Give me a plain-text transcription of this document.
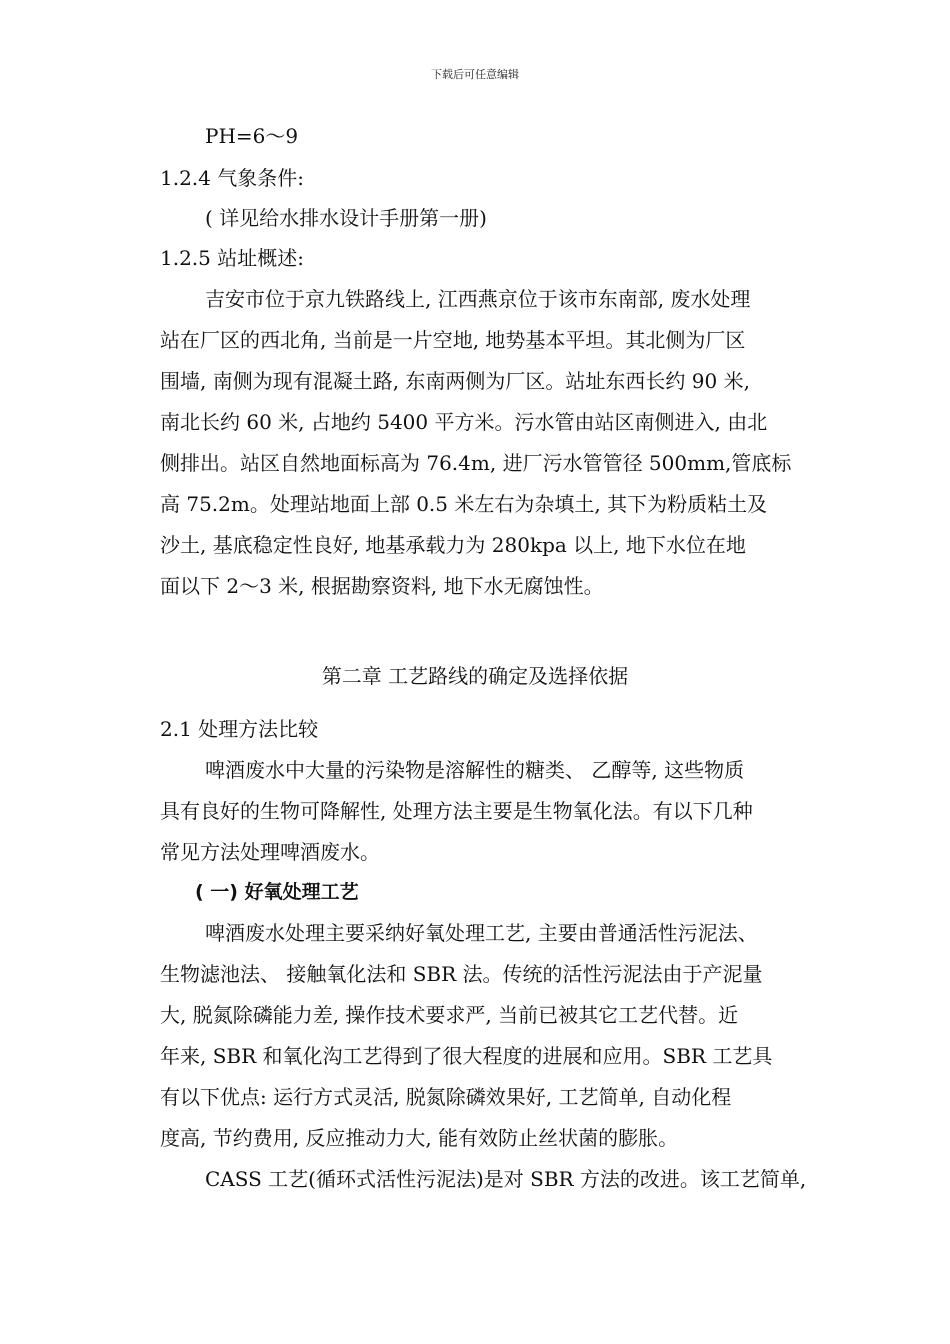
下载后可任意编辑
PH=6～9
1.2.4 气象条件:
( 详见给水排水设计手册第一册)
1.2.5 站址概述:
吉安市位于京九铁路线上, 江西燕京位于该市东南部, 废水处理
站在厂区的西北角, 当前是一片空地, 地势基本平坦。其北侧为厂区
围墙, 南侧为现有混凝土路, 东南两侧为厂区。站址东西长约 90 米,
南北长约 60 米, 占地约 5400 平方米。污水管由站区南侧进入, 由北
侧排出。站区自然地面标高为 76.4m, 进厂污水管管径 500mm,管底标
高 75.2m。处理站地面上部 0.5 米左右为杂填土, 其下为粉质粘土及
沙土, 基底稳定性良好, 地基承载力为 280kpa 以上, 地下水位在地
面以下 2～3 米, 根据勘察资料, 地下水无腐蚀性。
第二章 工艺路线的确定及选择依据
2.1 处理方法比较
啤酒废水中大量的污染物是溶解性的糖类、 乙醇等, 这些物质
具有良好的生物可降解性, 处理方法主要是生物氧化法。有以下几种
常见方法处理啤酒废水。
( 一) 好氧处理工艺
啤酒废水处理主要采纳好氧处理工艺, 主要由普通活性污泥法、
生物滤池法、 接触氧化法和 SBR 法。传统的活性污泥法由于产泥量
大, 脱氮除磷能力差, 操作技术要求严, 当前已被其它工艺代替。近
年来, SBR 和氧化沟工艺得到了很大程度的进展和应用。SBR 工艺具
有以下优点: 运行方式灵活, 脱氮除磷效果好, 工艺简单, 自动化程
度高, 节约费用, 反应推动力大, 能有效防止丝状菌的膨胀。
CASS 工艺(循环式活性污泥法)是对 SBR 方法的改进。该工艺简单,
